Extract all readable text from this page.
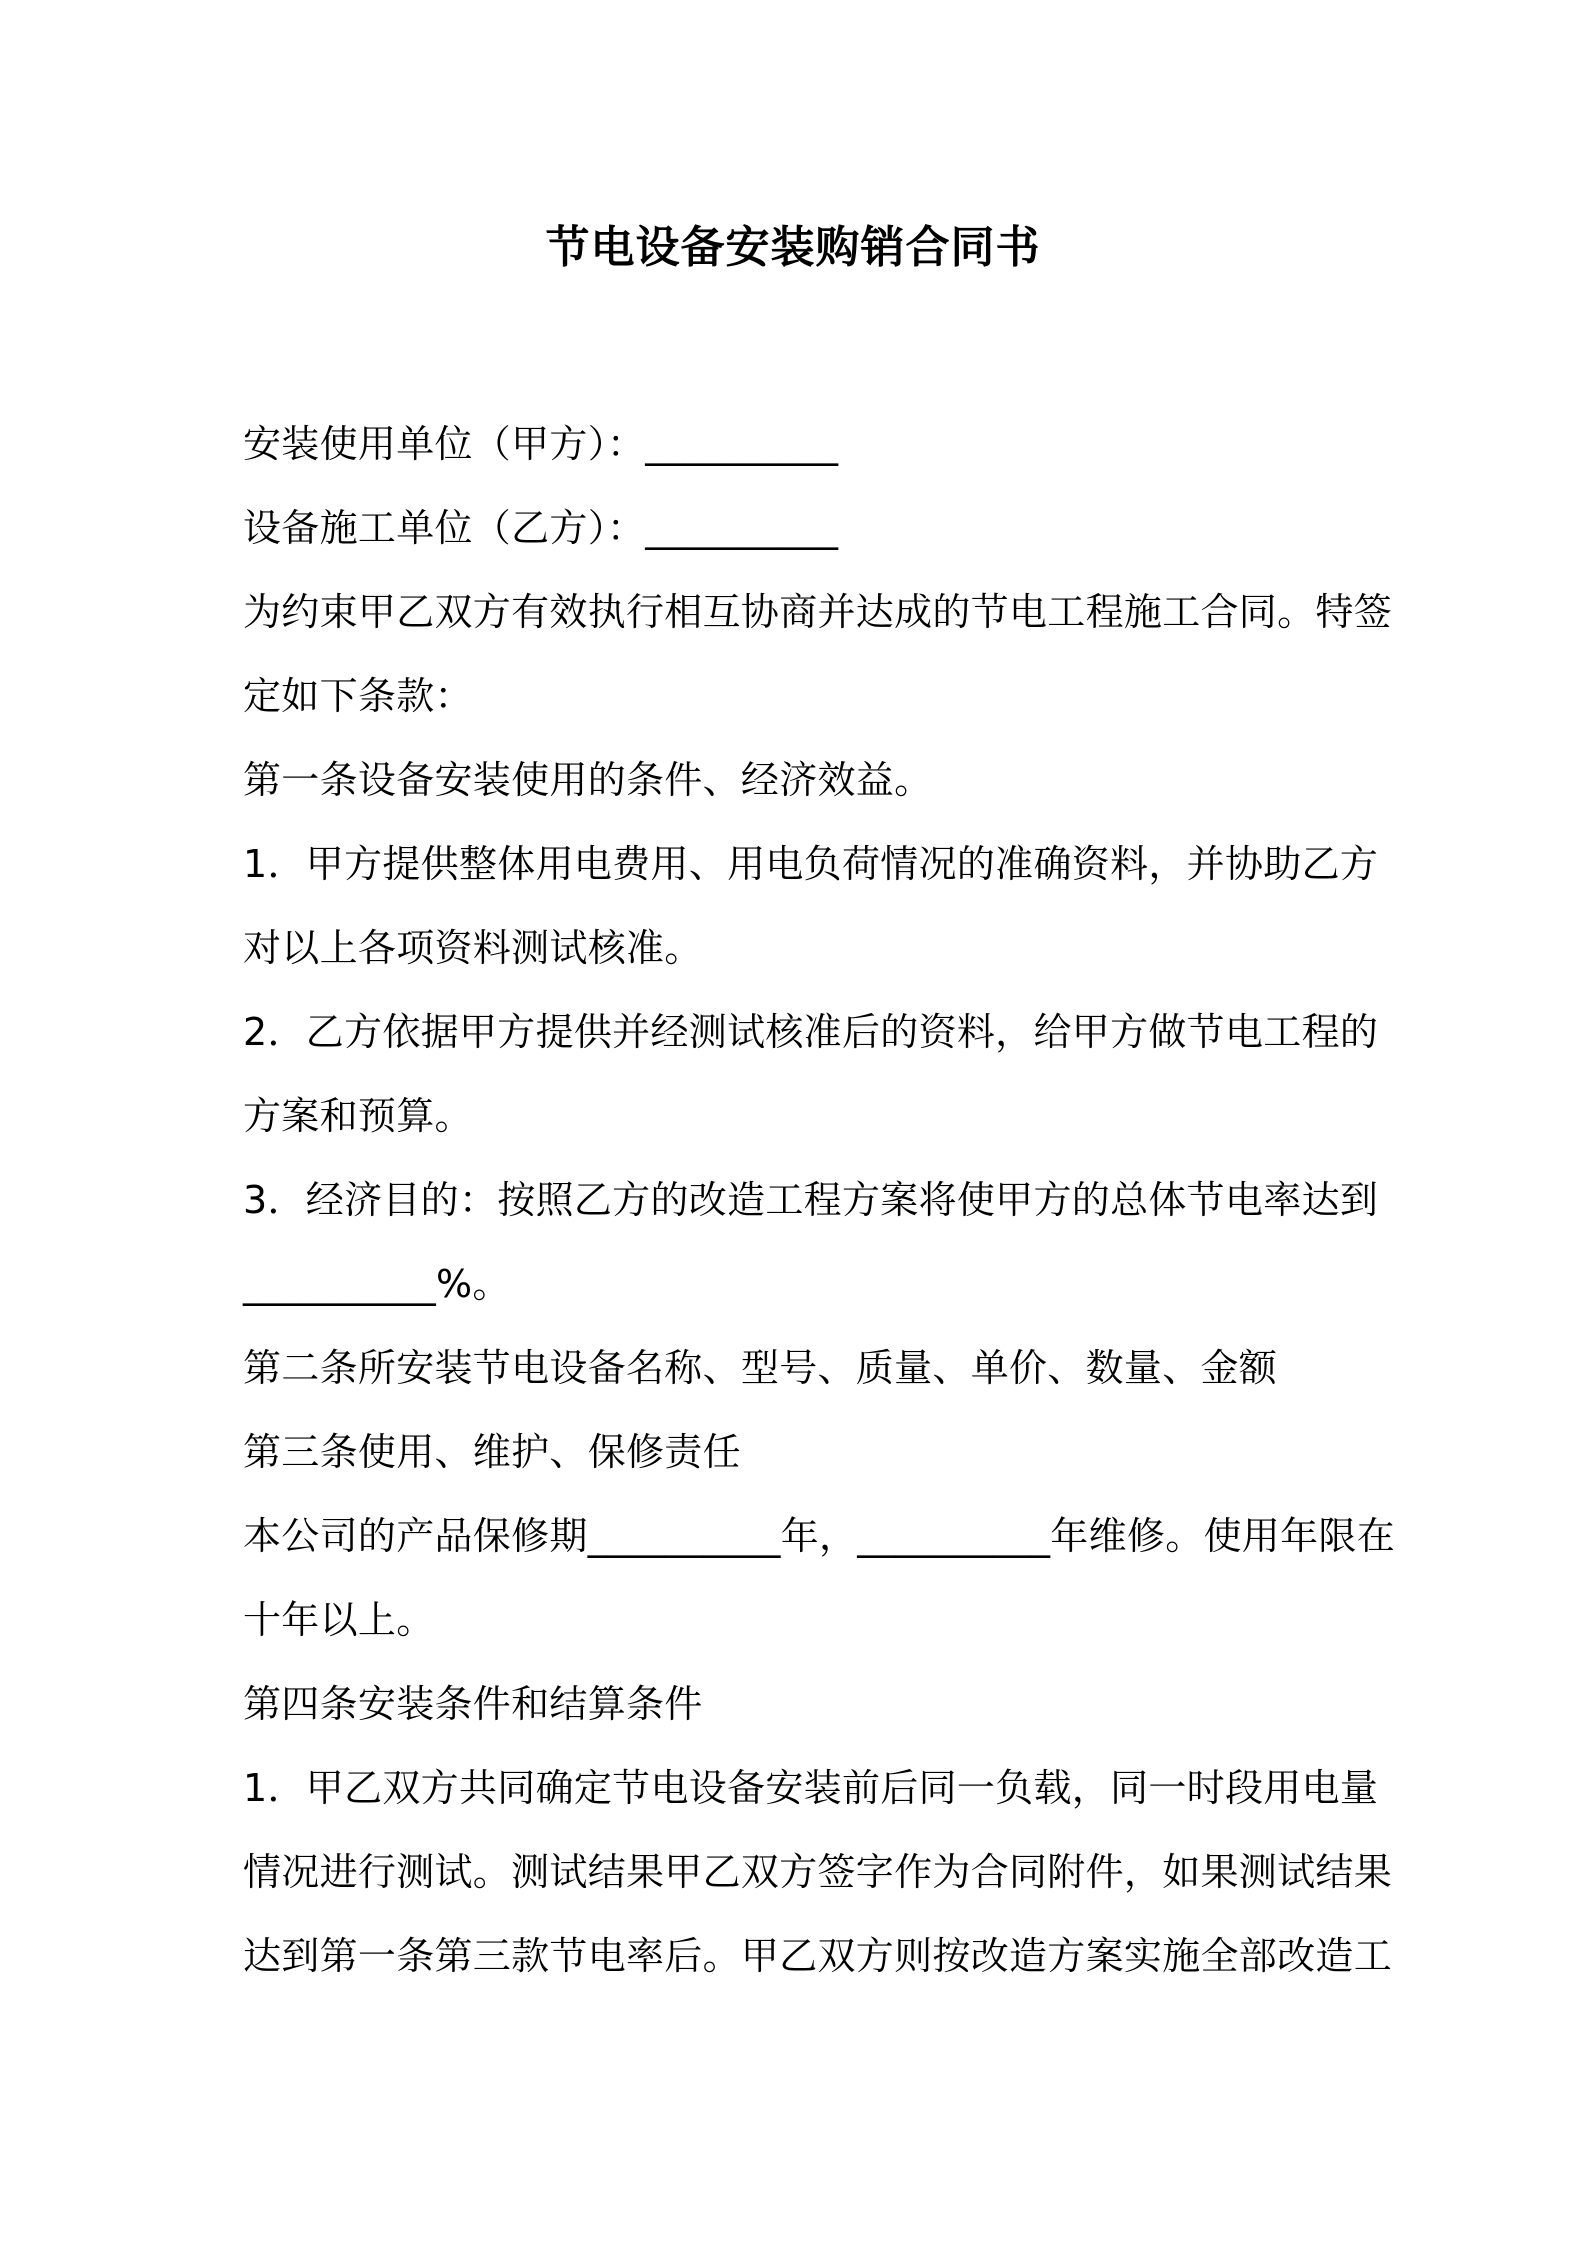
节电设备安装购销合同书
安装使用单位（甲方）：__________
设备施工单位（乙方）：__________
为约束甲乙双方有效执行相互协商并达成的节电工程施工合同。特签
定如下条款：
第一条设备安装使用的条件、经济效益。
1．甲方提供整体用电费用、用电负荷情况的准确资料，并协助乙方
对以上各项资料测试核准。
2．乙方依据甲方提供并经测试核准后的资料，给甲方做节电工程的
方案和预算。
3．经济目的：按照乙方的改造工程方案将使甲方的总体节电率达到
__________%。
第二条所安装节电设备名称、型号、质量、单价、数量、金额
第三条使用、维护、保修责任
本公司的产品保修期__________年，__________年维修。使用年限在
十年以上。
第四条安装条件和结算条件
1．甲乙双方共同确定节电设备安装前后同一负载，同一时段用电量
情况进行测试。测试结果甲乙双方签字作为合同附件，如果测试结果
达到第一条第三款节电率后。甲乙双方则按改造方案实施全部改造工
